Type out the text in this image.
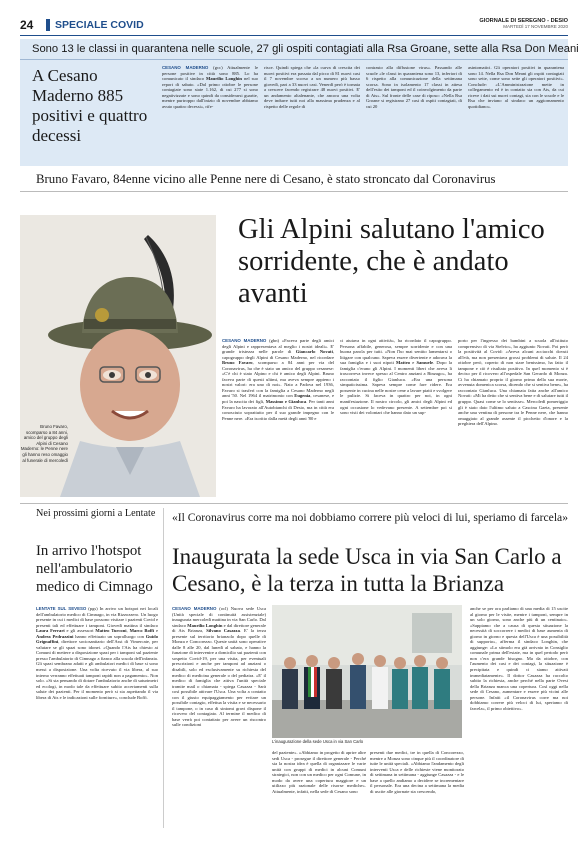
24 SPECIALE COVID	GIORNALE DI SEREGNO - DESIO
MARTEDÌ 17 NOVEMBRE 2020
Sono 13 le classi in quarantena nelle scuole, 27 gli ospiti contagiati alla Rsa Groane, sette alla Rsa Don Meani
A Cesano Maderno 885 positivi e quattro decessi
CESANO MADERNO (gcc) Attualmente le persone positive in città sono 885. Lo ha comunicato il sindaco Maurilio Longhin nel suo report di sabato. «Dal primo ottobre le persone contagiate sono state 1.162, di cui 277 si sono negativizzate e sono quindi da considerarsi guarite, mentre purtroppo dall'inizio di novembre abbiamo avuto quattro decessi», rife-
risce. Quindi spiega che «la curva di crescita dei nuovi positivi era passata dal picco di 81 nuovi casi il 7 novembre scorso a un numero più basso giovedì, pari a 33 nuovi casi. Venerdì però è tornata a crescere facendo registrare 48 nuovi positivi. E' un andamento altalenante, che ancora una volta deve indurre tutti noi alla massima prudenza e al rispetto delle regole di
contrasto alla diffusione virus». Passando alle scuole «le classi in quarantena sono 13, inferiori di 6 rispetto alla comunicazione della settimana scorsa. Sono in isolamento 17 classi in attesa dell'esito dei tamponi ed il coinvolgimento da parte di Ats». Sul fronte delle case di riposo: «Nella Rsa Groane si registrano 27 casi di ospiti contagiati, di cui 20
asintomatici. Gli operatori positivi in quarantena sono 14. Nella Rsa Don Meani gli ospiti contagiati sono sette, come sono sette gli operatori positivi». Conclude: «L'Amministrazione mette in collegamento ed è in contatto sia con Ats, da cui riceve i dati sui nuovi contagi, sia con le scuole e le Rsa che inviano al sindaco un aggiornamento quotidiano».
Bruno Favaro, 84enne vicino alle Penne nere di Cesano, è stato stroncato dal Coronavirus
Bruno Favaro, scomparso a 84 anni, amico del gruppo degli Alpini di Cesano Maderno: le Penne nere gli hanno reso omaggio al funerale di mercoledì
Gli Alpini salutano l'amico sorridente, che è andato avanti
CESANO MADERNO (gbn) «Faceva parte degli amici degli Alpini e rappresentava al meglio i nostri ideali». E' grande tristezza nelle parole di Giancarlo Novati, capogruppo degli Alpini di Cesano Maderno, nel ricordare Bruno Favaro, scomparso a 84 anni per via del Coronavirus, ha che è stato un amico del gruppo cesanese: «C'è chi è stato Alpino e chi è amico degli Alpini. Bruno faceva parte di questi ultimi, ma aveva sempre appieno i nostri valori: era uno di noi». Nato a Padova nel 1936, Favaro si trasferì con la famiglia a Cesano Maderno negli anni '50. Nel 1964 il matrimonio con Eugenia, cesanese, e poi la nascita dei figli, Massimo e Gianluca. Per tanti anni Favaro ha lavorato all'Autobianchi di Desio, ma in città era conosciuto soprattutto per il suo grande impegno con le Penne nere. «Era iscritto dalla metà degli anni '80 e
ci aiutava in ogni attività», ha ricordato il capogruppo. Persona affabile, generosa, sempre sorridente e con una buona parola per tutti. «Non l'ho mai sentito lamentarsi o litigare con qualcuno. Sapeva essere divertente e adorava la sua famiglia e i suoi nipoti Matteo e Samuele. Dopo la famiglia c'erano gli Alpini. I momenti liberi che aveva li trascorreva invece spesso al Centro anziani a Binzago», ha raccontato il figlio Gianluca. «Era una persona simpaticissima. Sapeva sempre come fare ridere. Era possente in cucina nelle nostre cene a lavare piatti e svolgere le pulizie. Si faceva in quattro per noi, in ogni manifestazione. Il nostro circolo, gli amici degli Alpini ed ogni occasione lo vedevano presente. A settembre poi si sono visti dei volontari che hanno dato un sup-
porto per l'ingresso dei bambini a scuola all'istituto comprensivo di via Stelvio», ha aggiunto Novati. Poi però la positività al Covid: «Aveva alcuni acciacchi dovuti all'età, ma non presentava grossi problemi di salute. Il 24 ottobre però, coperto di non stare benissimo, ha fatto il tampone e ciò è risultato positivo. In quel momento si è deciso per il ricovero all'ospedale San Gerardo di Monza. Ci ha chiamato proprio il giorno prima della sua morte, avvenuta domenica scorsa, dicendo che si sentiva bene», ha raccontato Gianluca. Una chiamata fatta anche all'amico Novati: «Mi ha detto che si sentiva bene e di salutare tutti il gruppo. Quasi come se lo sentisse». Mercoledì pomeriggio gli è stato dato l'ultimo saluto a Cascina Gaeta, presente anche una ventina di persone tra le Penne nere, che hanno omaggiato al grande assente il picchetto d'onore e la preghiera dell'Alpino.
Nei prossimi giorni a Lentate
In arrivo l'hotspot nell'ambulatorio medico di Cimnago
LENTATE SUL SEVESO (pgs) In arrivo un hotspot nei locali dell'ambulatorio medico di Cimnago, in via Rizzozzero. Un luogo presente in cui i medici di base possono visitare i pazienti Covid e presenti tali ed effettuare i tamponi. Giovedì mattina il sindaco Laura Ferrari e gli assessori Matteo Turconi, Marco Boffi e Andrea Pedrazzini hanno effettuato un sopralluogo con Guido Grignaffini, direttore sociosanitario dell'Asst di Vimercate, per valutare se gli spazi sono idonei. «Quando l'Ats ha chiesto ai Comuni di mettere a disposizione spazi per i tamponi sul paziente presso l'ambulatorio di Cimnago a fianco alla scuola dell'infanzia. Gli spazi sembrano adatti e gli ambulatori medici di base si sono messi a disposizione. Una volta ricevuto il via libera, al suo interno verranno effettuati tamponi rapidi non a pagamento». Non solo. «Si sta pensando di dotare l'ambulatorio anche di saturimetri ed ecologi, in modo tale da effettuare subito accertamenti sulla salute dei pazienti. Per il momento però si sta aspettando il via libera di Ats e le indicazioni sulle forniture», conclude Boffi.
«Il Coronavirus corre ma noi dobbiamo correre più veloci di lui, speriamo di farcela»
Inaugurata la sede Usca in via San Carlo a Cesano, è la terza in tutta la Brianza
CESANO MADERNO (ocl) Nuova sede Usca (Unità speciale di continuità assistenziale) inaugurata mercoledì mattina in via San Carlo. Dal sindaco Maurilio Longhin e dal direttore generale di Ats Brianza, Silvano Casazza. E' la terza presente sul territorio brianzolo dopo quelle di Monza e Concorezzo. Queste unità sono operative dalle 8 alle 20, dal lunedì al sabato, e hanno la funzione di intervenire a domicilio sui pazienti con sospetto Covid-19, per una visita, per eventuali prescrizioni e anche per tamponi ad anziani o disabili, solo ed esclusivamente su richiesta del medico di medicina generale o del pediatra. «E' il medico di famiglia che attiva l'unità speciale tramite mail o chiamata - spiega Casazza - Sarà così possibile attivare l'Usca. Una volta a contatto con il giusto equipaggiamento per evitare un possibile contagio, effettua la visita e se necessario il tampone, o in caso di sintomi gravi dispone il ricovero del contagiato. Al termine il medico di base verrà poi contattato per avere un riscontro sulle condizioni
L'inaugurazione della sede Usca in via San Carlo
del paziente». «Abbiamo in progetto di aprire altre sedi Usca - prosegue il direttore generale - Perché sia la nostra idea è quella di organizzare le varie unità con gruppi di medici in alcuni Comuni strategici, non con un medico per ogni Comune, in modo da avere una copertura maggiore e un utilizzo più razionale delle risorse mediche». Attualmente, infatti, nella sede di Cesano sono
presenti due medici, tre in quella di Concorezzo, mentre a Monza sono cinque più il coordinatore di tutte le unità speciali. «Abbiamo l'andamento degli interventi Usca e delle richieste viene monitorato di settimana in settimana - aggiunge Casazza - e le base a quello andiamo a decidere se incrementare il personale. Era una decina a settimana la media di uscite alle giornate sta crescendo,
anche se per ora parliamo di una media di 15 uscite al giorno per le visite, mentre i tamponi, sempre in un solo giorno, sono anche più di un centinaio». «Sappiamo che a causa di questa situazione la necessità di soccorrere i medici di base aumenta di giorno in giorno e questa dell'Usca è una possibilità di supporto», afferma il sindaco Longhin, che aggiunge: «Lo stimolo era già arrivato in Consiglio comunale prima dell'estate, ma in quel periodo però non c'era grande bisogno. Ma da ottobre, con l'aumento dei casi e dei contagi, la situazione è precipitata e quindi ci siamo attivati immediatamente». Il dottor Casazza ha raccolto subito la richiesta, anche perché nella parte Ovest della Brianza manca una copertura. Così oggi nella sede di Cesano, aumentare e essere più vicini alle persone. Infatti «il Coronavirus corre ma noi dobbiamo correre più veloci di lui, speriamo di farcela», il primo obiettivo».
